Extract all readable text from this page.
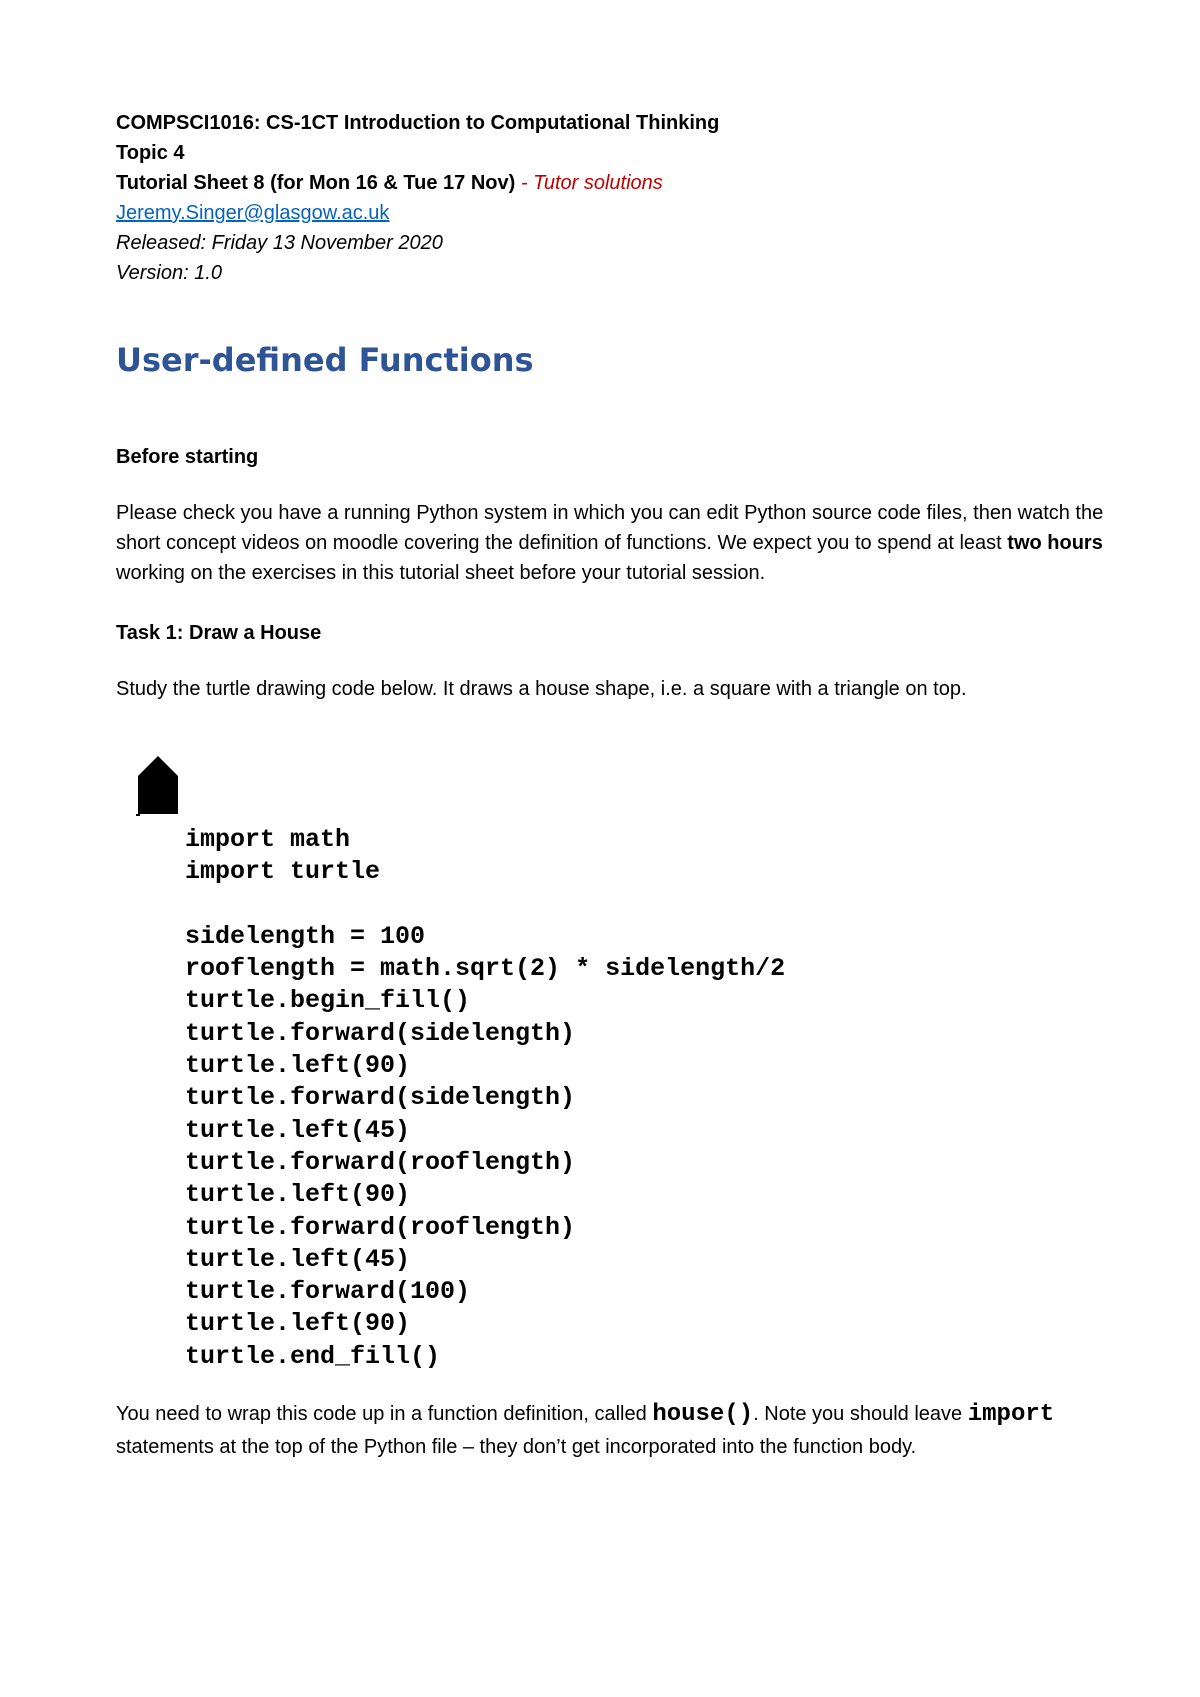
COMPSCI1016: CS-1CT Introduction to Computational Thinking

Topic 4

Tutorial Sheet 8 (for Mon 16 & Tue 17 Nov) - Tutor solutions

Jeremy.Singer@glasgow.ac.uk

Released: Friday 13 November 2020

Version: 1.0

User-defined Functions

Before starting

Please check you have a running Python system in which you can edit Python source code files, then watch the short concept videos on moodle covering the definition of functions. We expect you to spend at least two hours working on the exercises in this tutorial sheet before your tutorial session.

Task 1: Draw a House

Study the turtle drawing code below. It draws a house shape, i.e. a square with a triangle on top.

import math
import turtle
sidelength = 100
rooflength = math.sqrt(2) * sidelength/2
turtle.begin_fill()
turtle.forward(sidelength)
turtle.left(90)
turtle.forward(sidelength)
turtle.left(45)
turtle.forward(rooflength)
turtle.left(90)
turtle.forward(rooflength)
turtle.left(45)
turtle.forward(100)
turtle.left(90)
turtle.end_fill()

You need to wrap this code up in a function definition, called house(). Note you should leave import statements at the top of the Python file – they don’t get incorporated into the function body.
